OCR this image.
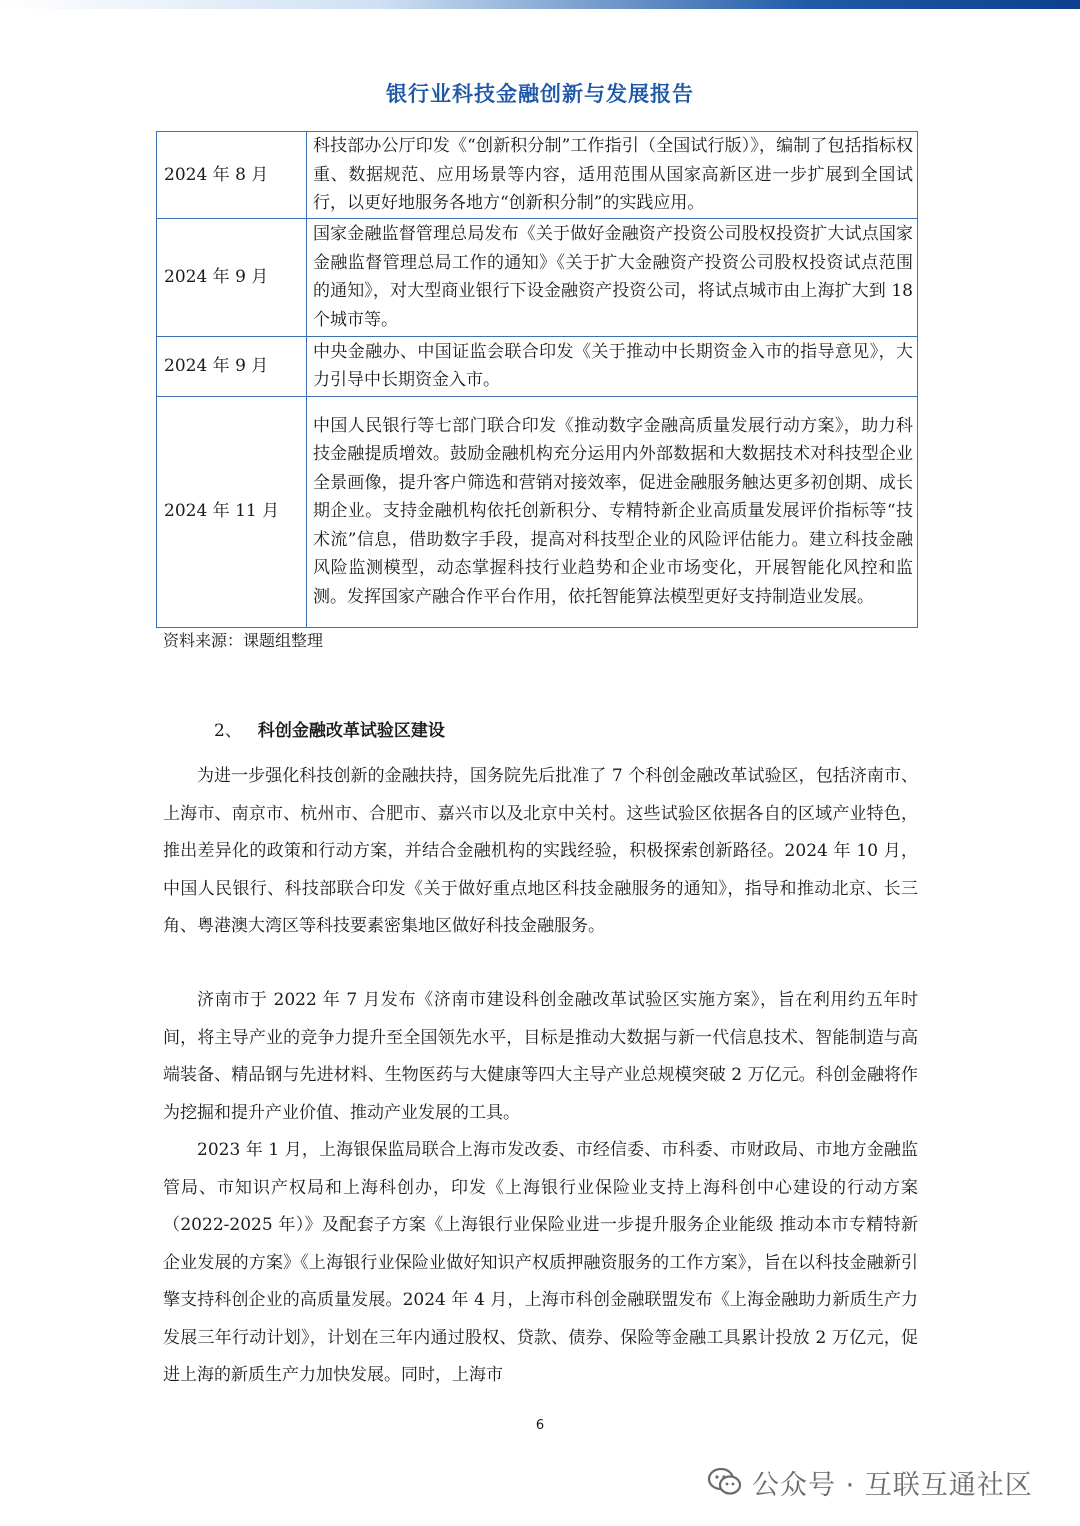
银行业科技金融创新与发展报告
2024 年 8 月	科技部办公厅印发《“创新积分制”工作指引（全国试行版）》，编制了包括指标权重、数据规范、应用场景等内容，适用范围从国家高新区进一步扩展到全国试行，以更好地服务各地方“创新积分制”的实践应用。
2024 年 9 月	国家金融监督管理总局发布《关于做好金融资产投资公司股权投资扩大试点国家金融监督管理总局工作的通知》《关于扩大金融资产投资公司股权投资试点范围的通知》，对大型商业银行下设金融资产投资公司，将试点城市由上海扩大到 18 个城市等。
2024 年 9 月	中央金融办、中国证监会联合印发《关于推动中长期资金入市的指导意见》，大力引导中长期资金入市。
2024 年 11 月	中国人民银行等七部门联合印发《推动数字金融高质量发展行动方案》，助力科技金融提质增效。鼓励金融机构充分运用内外部数据和大数据技术对科技型企业全景画像，提升客户筛选和营销对接效率，促进金融服务触达更多初创期、成长期企业。支持金融机构依托创新积分、专精特新企业高质量发展评价指标等“技术流”信息，借助数字手段，提高对科技型企业的风险评估能力。建立科技金融风险监测模型，动态掌握科技行业趋势和企业市场变化，开展智能化风控和监测。发挥国家产融合作平台作用，依托智能算法模型更好支持制造业发展。
资料来源：课题组整理
2、 科创金融改革试验区建设

为进一步强化科技创新的金融扶持，国务院先后批准了 7 个科创金融改革试验区，包括济南市、上海市、南京市、杭州市、合肥市、嘉兴市以及北京中关村。这些试验区依据各自的区域产业特色，推出差异化的政策和行动方案，并结合金融机构的实践经验，积极探索创新路径。2024 年 10 月，中国人民银行、科技部联合印发《关于做好重点地区科技金融服务的通知》，指导和推动北京、长三角、粤港澳大湾区等科技要素密集地区做好科技金融服务。

济南市于 2022 年 7 月发布《济南市建设科创金融改革试验区实施方案》，旨在利用约五年时间，将主导产业的竞争力提升至全国领先水平，目标是推动大数据与新一代信息技术、智能制造与高端装备、精品钢与先进材料、生物医药与大健康等四大主导产业总规模突破 2 万亿元。科创金融将作为挖掘和提升产业价值、推动产业发展的工具。

2023 年 1 月，上海银保监局联合上海市发改委、市经信委、市科委、市财政局、市地方金融监管局、市知识产权局和上海科创办，印发《上海银行业保险业支持上海科创中心建设的行动方案（2022-2025 年）》及配套子方案《上海银行业保险业进一步提升服务企业能级 推动本市专精特新企业发展的方案》《上海银行业保险业做好知识产权质押融资服务的工作方案》，旨在以科技金融新引擎支持科创企业的高质量发展。2024 年 4 月，上海市科创金融联盟发布《上海金融助力新质生产力发展三年行动计划》，计划在三年内通过股权、贷款、债券、保险等金融工具累计投放 2 万亿元，促进上海的新质生产力加快发展。同时，上海市

6
公众号 · 互联互通社区
